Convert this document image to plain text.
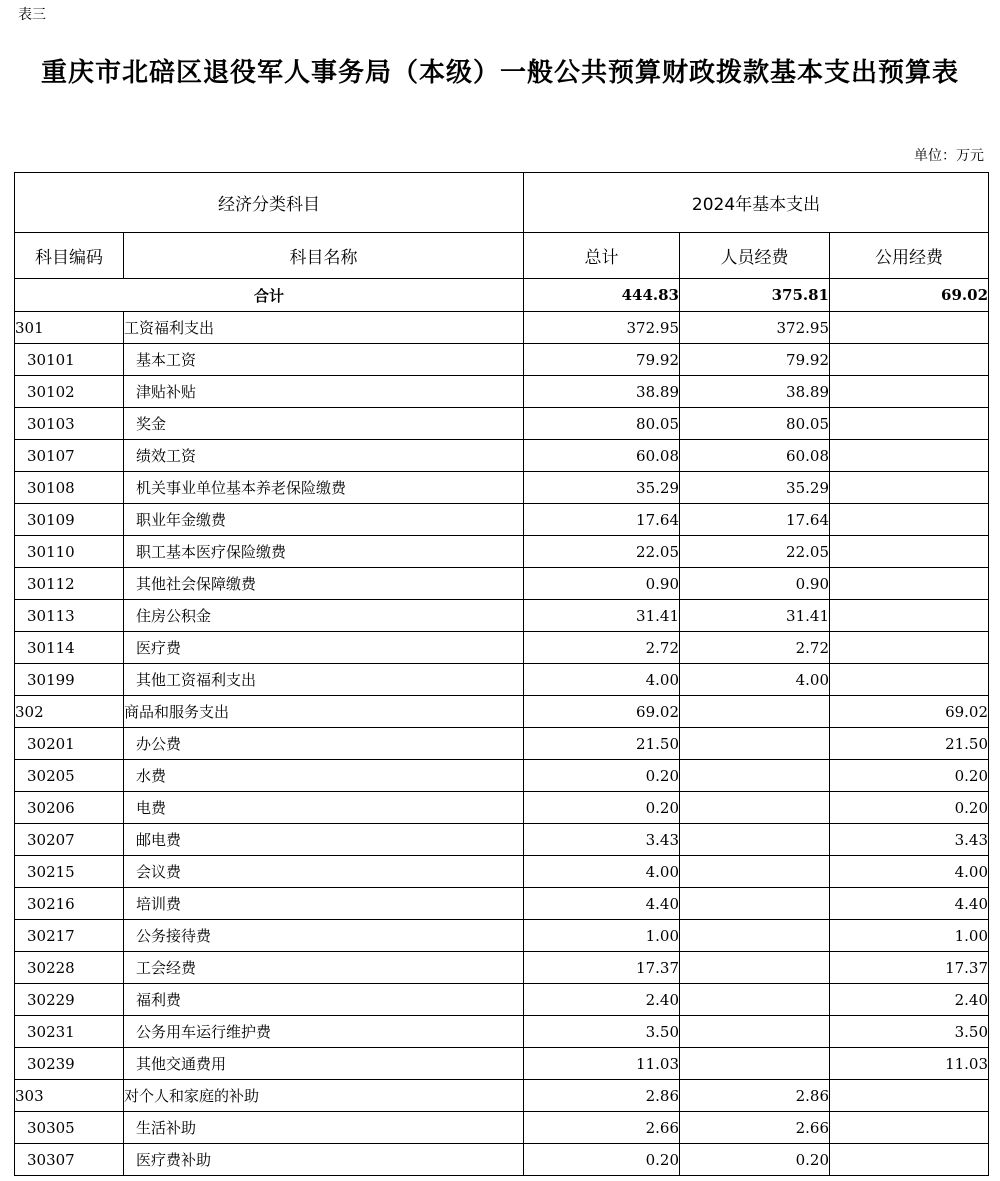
表三
重庆市北碚区退役军人事务局（本级）一般公共预算财政拨款基本支出预算表
单位：万元
经济分类科目		2024年基本支出		
科目编码	科目名称	总计	人员经费	公用经费
合计		444.83	375.81	69.02
301	工资福利支出	372.95	372.95	
30101	基本工资	79.92	79.92	
30102	津贴补贴	38.89	38.89	
30103	奖金	80.05	80.05	
30107	绩效工资	60.08	60.08	
30108	机关事业单位基本养老保险缴费	35.29	35.29	
30109	职业年金缴费	17.64	17.64	
30110	职工基本医疗保险缴费	22.05	22.05	
30112	其他社会保障缴费	0.90	0.90	
30113	住房公积金	31.41	31.41	
30114	医疗费	2.72	2.72	
30199	其他工资福利支出	4.00	4.00	
302	商品和服务支出	69.02		69.02
30201	办公费	21.50		21.50
30205	水费	0.20		0.20
30206	电费	0.20		0.20
30207	邮电费	3.43		3.43
30215	会议费	4.00		4.00
30216	培训费	4.40		4.40
30217	公务接待费	1.00		1.00
30228	工会经费	17.37		17.37
30229	福利费	2.40		2.40
30231	公务用车运行维护费	3.50		3.50
30239	其他交通费用	11.03		11.03
303	对个人和家庭的补助	2.86	2.86	
30305	生活补助	2.66	2.66	
30307	医疗费补助	0.20	0.20	
